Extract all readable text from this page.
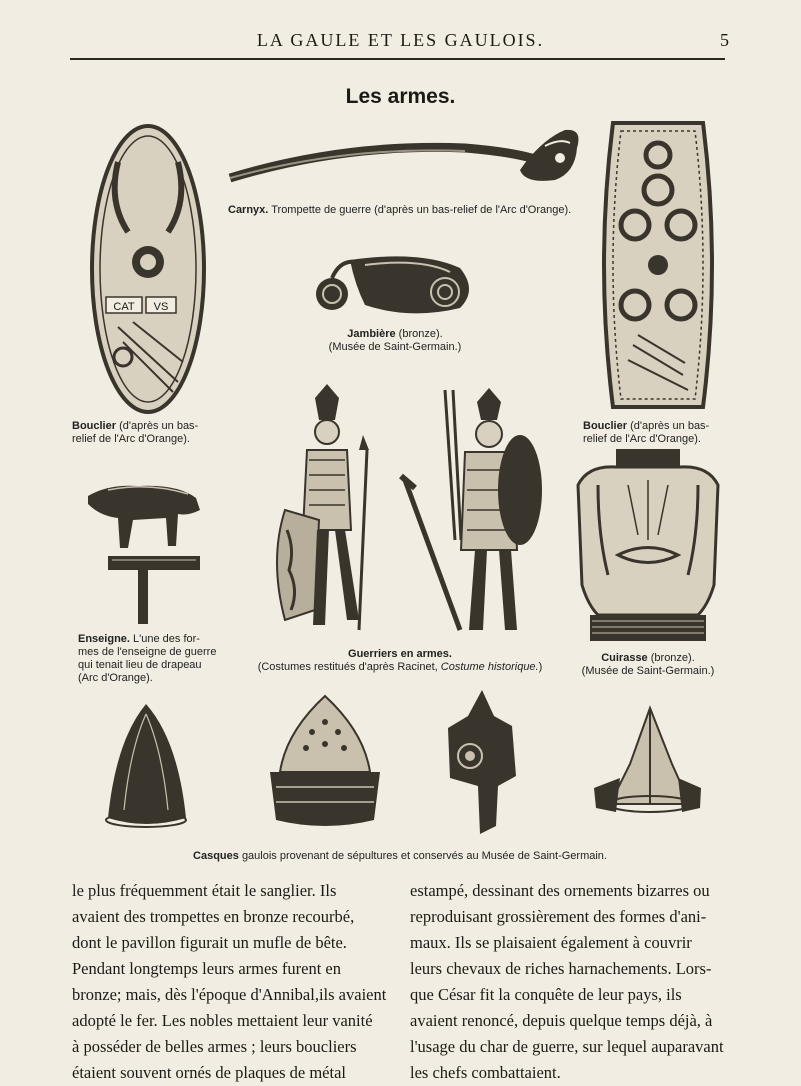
LA GAULE ET LES GAULOIS.	5
Les armes.
Carnyx. Trompette de guerre (d'après un bas-relief de l'Arc d'Orange).
Jambière (bronze).
(Musée de Saint-Germain.)
CAT VS
Bouclier (d'après un bas-
relief de l'Arc d'Orange).
Bouclier (d'après un bas-
relief de l'Arc d'Orange).
Enseigne. L'une des for-
mes de l'enseigne de guerre
qui tenait lieu de drapeau
(Arc d'Orange).
Guerriers en armes.
(Costumes restitués d'après Racinet, Costume historique.)
Cuirasse (bronze).
(Musée de Saint-Germain.)
Casques gaulois provenant de sépultures et conservés au Musée de Saint-Germain.
le plus fréquemment était le sanglier. Ils
avaient des trompettes en bronze recourbé,
dont le pavillon figurait un mufle de bête.
Pendant longtemps leurs armes furent en
bronze; mais, dès l'époque d'Annibal,ils avaient
adopté le fer. Les nobles mettaient leur vanité
à posséder de belles armes ; leurs boucliers
étaient souvent ornés de plaques de métal
estampé, dessinant des ornements bizarres ou
reproduisant grossièrement des formes d'ani-
maux. Ils se plaisaient également à couvrir
leurs chevaux de riches harnachements. Lors-
que César fit la conquête de leur pays, ils
avaient renoncé, depuis quelque temps déjà, à
l'usage du char de guerre, sur lequel auparavant
les chefs combattaient.
